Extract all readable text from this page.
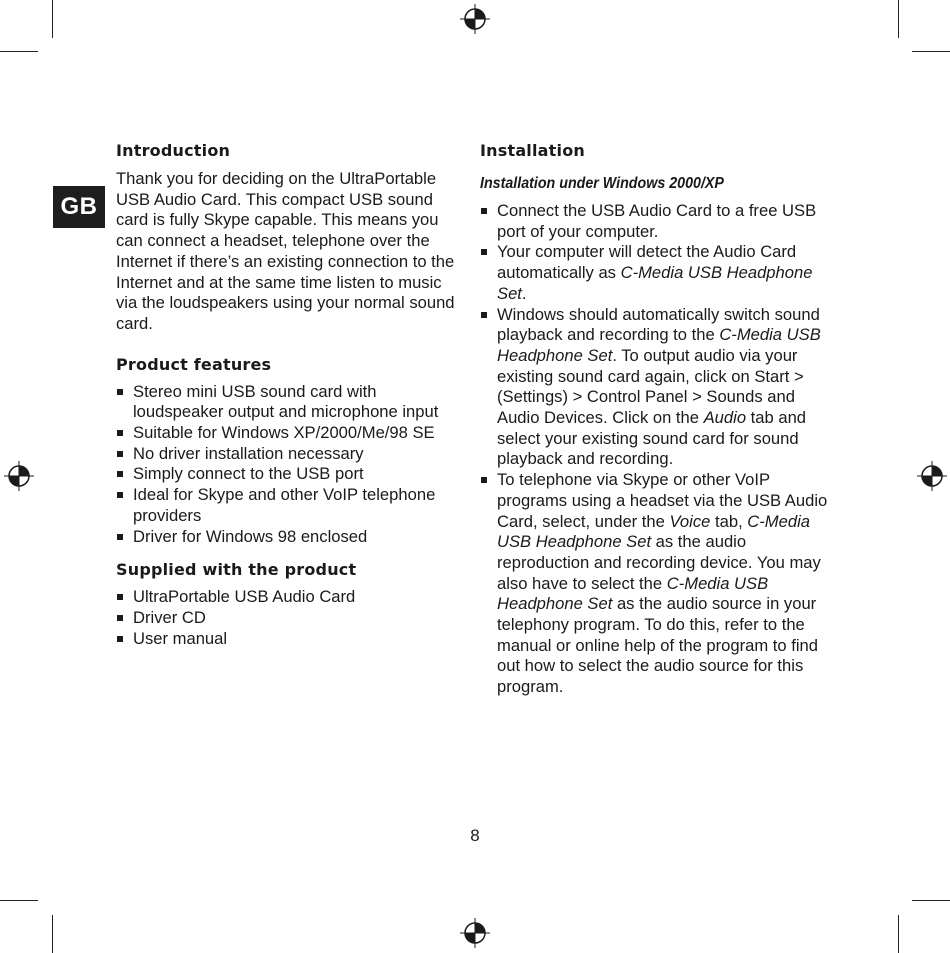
GB
Introduction

Thank you for deciding on the UltraPortable USB Audio Card. This compact USB sound card is fully Skype capable. This means you can connect a headset, telephone over the Internet if there’s an existing connection to the Internet and at the same time listen to music via the loudspeakers using your normal sound card.

Product features
Stereo mini USB sound card with loudspeaker output and microphone input
Suitable for Windows XP/2000/Me/98 SE
No driver installation necessary
Simply connect to the USB port
Ideal for Skype and other VoIP telephone providers
Driver for Windows 98 enclosed
Supplied with the product
UltraPortable USB Audio Card
Driver CD
User manual
Installation
Installation under Windows 2000/XP
Connect the USB Audio Card to a free USB port of your computer.
Your computer will detect the Audio Card automatically as C-Media USB Headphone Set.
Windows should automatically switch sound playback and recording to the C-Media USB Headphone Set. To output audio via your existing sound card again, click on Start > (Settings) > Control Panel > Sounds and Audio Devices. Click on the Audio tab and select your existing sound card for sound playback and recording.
To telephone via Skype or other VoIP programs using a headset via the USB Audio Card, select, under the Voice tab, C-Media USB Headphone Set as the audio reproduction and recording device. You may also have to select the C-Media USB Headphone Set as the audio source in your telephony program. To do this, refer to the manual or online help of the program to find out how to select the audio source for this program.
8
